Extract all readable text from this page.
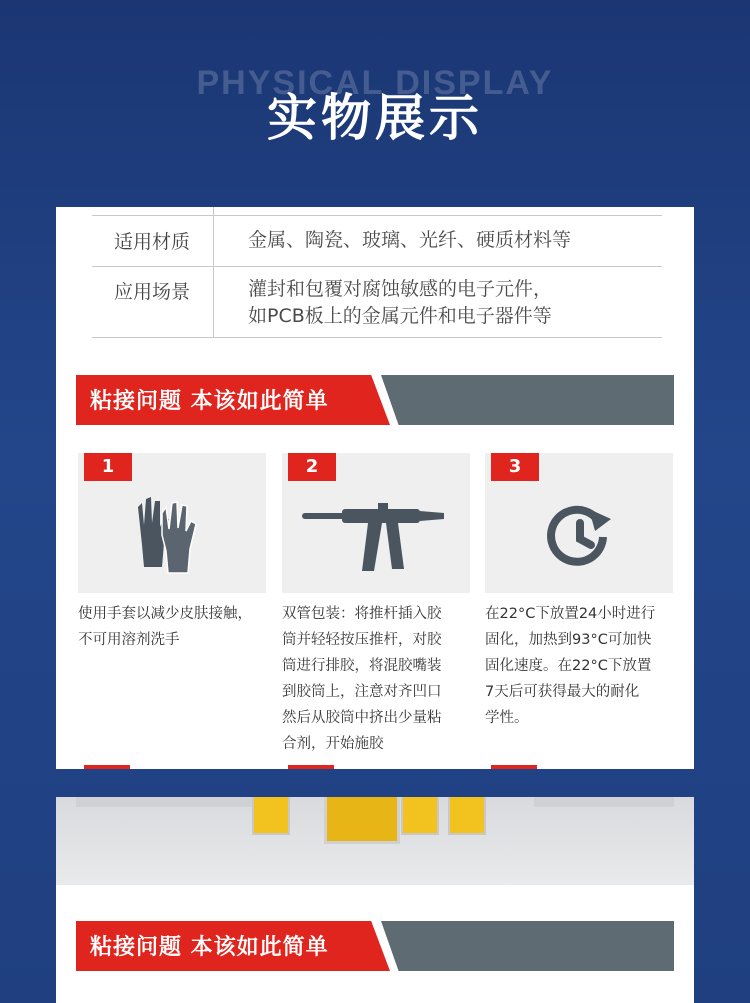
PHYSICAL DISPLAY
实物展示
适用材质	金属、陶瓷、玻璃、光纤、硬质材料等
应用场景	灌封和包覆对腐蚀敏感的电子元件，
如PCB板上的金属元件和电子器件等
粘接问题 本该如此简单
1
使用手套以减少皮肤接触，
不可用溶剂洗手
2
双管包装：将推杆插入胶
筒并轻轻按压推杆，对胶
筒进行排胶，将混胶嘴装
到胶筒上，注意对齐凹口
然后从胶筒中挤出少量粘
合剂，开始施胶
3
在22°C下放置24小时进行
固化，加热到93°C可加快
固化速度。在22°C下放置
7天后可获得最大的耐化
学性。
粘接问题 本该如此简单
